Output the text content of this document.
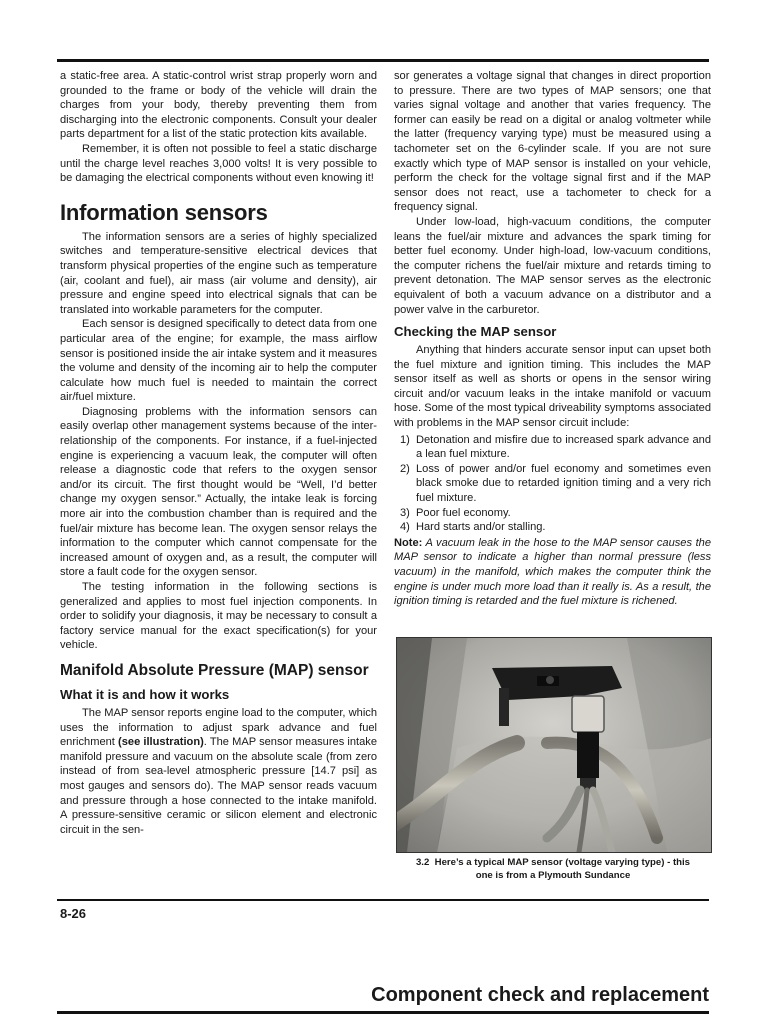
a static-free area. A static-control wrist strap properly worn and grounded to the frame or body of the vehicle will drain the charges from your body, thereby preventing them from discharging into the electronic components. Consult your dealer parts department for a list of the static protection kits available.

Remember, it is often not possible to feel a static discharge until the charge level reaches 3,000 volts! It is very possible to be damaging the electrical components without even knowing it!

Information sensors

The information sensors are a series of highly specialized switches and temperature-sensitive electrical devices that transform physical properties of the engine such as temperature (air, coolant and fuel), air mass (air volume and density), air pressure and engine speed into electrical signals that can be translated into workable parameters for the computer.

Each sensor is designed specifically to detect data from one particular area of the engine; for example, the mass airflow sensor is positioned inside the air intake system and it measures the volume and density of the incoming air to help the computer calculate how much fuel is needed to maintain the correct air/fuel mixture.

Diagnosing problems with the information sensors can easily overlap other management systems because of the inter-relationship of the components. For instance, if a fuel-injected engine is experiencing a vacuum leak, the computer will often release a diagnostic code that refers to the oxygen sensor and/or its circuit. The first thought would be “Well, I’d better change my oxygen sensor.” Actually, the intake leak is forcing more air into the combustion chamber than is required and the fuel/air mixture has become lean. The oxygen sensor relays the information to the computer which cannot compensate for the increased amount of oxygen and, as a result, the computer will store a fault code for the oxygen sensor.

The testing information in the following sections is generalized and applies to most fuel injection components. In order to solidify your diagnosis, it may be necessary to consult a factory service manual for the exact specification(s) for your vehicle.

Manifold Absolute Pressure (MAP) sensor
What it is and how it works

The MAP sensor reports engine load to the computer, which uses the information to adjust spark advance and fuel enrichment (see illustration). The MAP sensor measures intake manifold pressure and vacuum on the absolute scale (from zero instead of from sea-level atmospheric pressure [14.7 psi] as most gauges and sensors do). The MAP sensor reads vacuum and pressure through a hose connected to the intake manifold. A pressure-sensitive ceramic or silicon element and electronic circuit in the sen-

sor generates a voltage signal that changes in direct proportion to pressure. There are two types of MAP sensors; one that varies signal voltage and another that varies frequency. The former can easily be read on a digital or analog voltmeter while the latter (frequency varying type) must be measured using a tachometer set on the 6-cylinder scale. If you are not sure exactly which type of MAP sensor is installed on your vehicle, perform the check for the voltage signal first and if the MAP sensor does not react, use a tachometer to check for a frequency signal.

Under low-load, high-vacuum conditions, the computer leans the fuel/air mixture and advances the spark timing for better fuel economy. Under high-load, low-vacuum conditions, the computer richens the fuel/air mixture and retards timing to prevent detonation. The MAP sensor serves as the electronic equivalent of both a vacuum advance on a distributor and a power valve in the carburetor.

Checking the MAP sensor

Anything that hinders accurate sensor input can upset both the fuel mixture and ignition timing. This includes the MAP sensor itself as well as shorts or opens in the sensor wiring circuit and/or vacuum leaks in the intake manifold or vacuum hose. Some of the most typical driveability symptoms associated with problems in the MAP sensor circuit include:

1) Detonation and misfire due to increased spark advance and a lean fuel mixture.
2) Loss of power and/or fuel economy and sometimes even black smoke due to retarded ignition timing and a very rich fuel mixture.
3) Poor fuel economy.
4) Hard starts and/or stalling.

Note: A vacuum leak in the hose to the MAP sensor causes the MAP sensor to indicate a higher than normal pressure (less vacuum) in the manifold, which makes the computer think the engine is under much more load than it really is. As a result, the ignition timing is retarded and the fuel mixture is richened.

3.2 Here’s a typical MAP sensor (voltage varying type) - this
one is from a Plymouth Sundance
8-26
Component check and replacement
